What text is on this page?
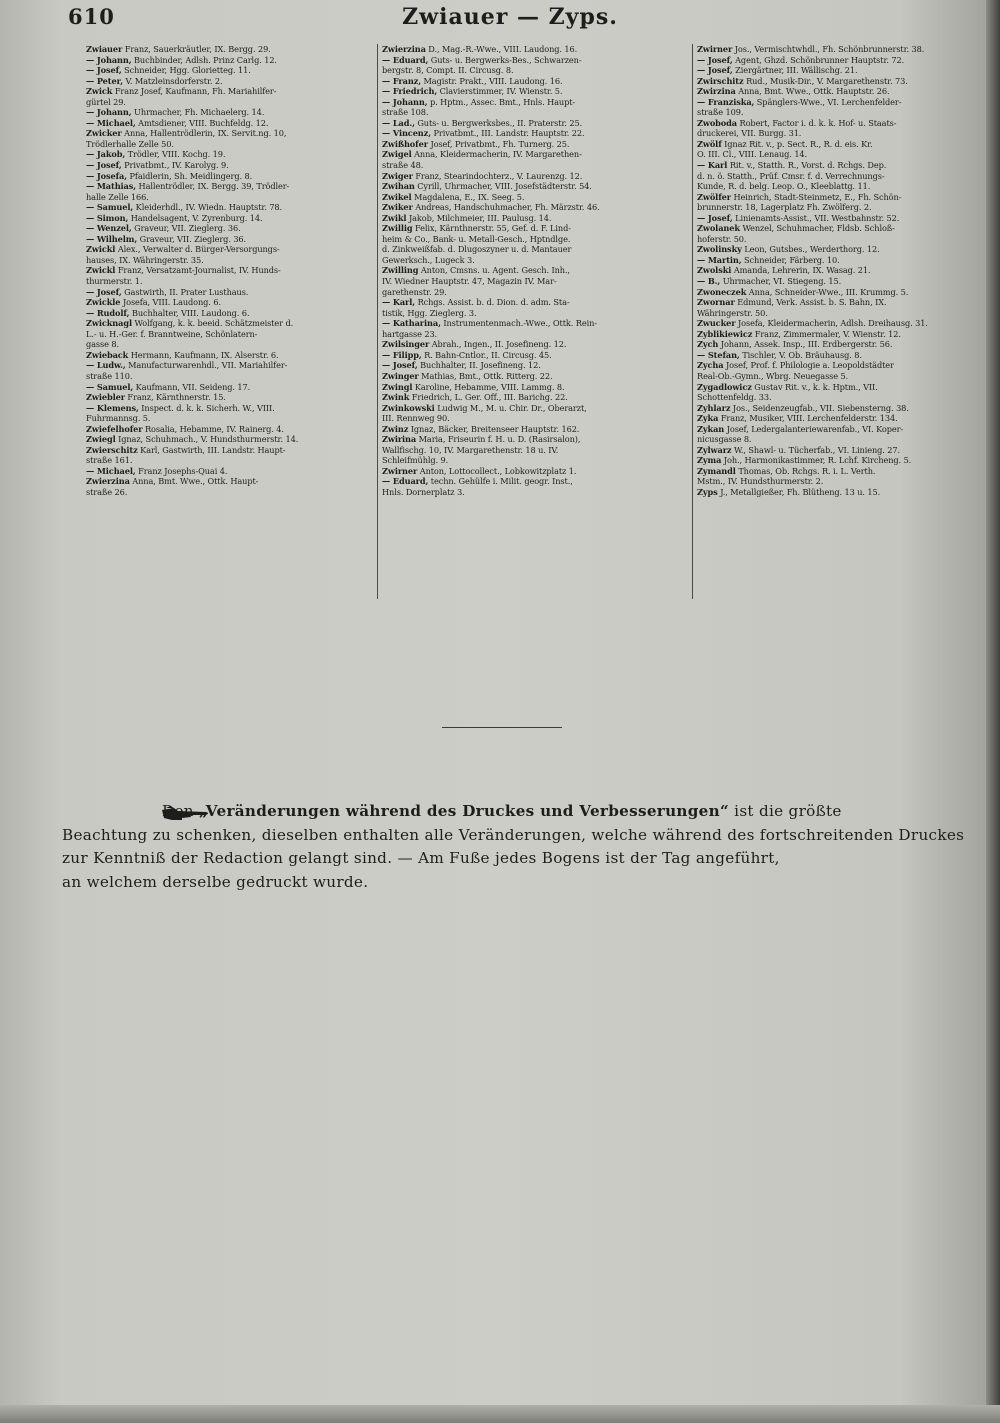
610	Zwiauer — Zyps.
Zwiauer Franz, Sauerkräutler, IX. Bergg. 29.
— Johann, Buchbinder, Adlsh. Prinz Carlg. 12.
— Josef, Schneider, Hgg. Glorietteg. 11.
— Peter, V. Matzleinsdorferstr. 2.
Zwick Franz Josef, Kaufmann, Fh. Mariahilfer-
gürtel 29.
— Johann, Uhrmacher, Fh. Michaelerg. 14.
— Michael, Amtsdiener, VIII. Buchfeldg. 12.
Zwicker Anna, Hallentrödlerin, IX. Servit.ng. 10,
Trödlerhalle Zelle 50.
— Jakob, Trödler, VIII. Kochg. 19.
— Josef, Privatbmt., IV. Karolyg. 9.
— Josefa, Pfaidlerin, Sh. Meidlingerg. 8.
— Mathias, Hallentrödler, IX. Bergg. 39, Trödler-
halle Zelle 166.
— Samuel, Kleiderhdl., IV. Wiedn. Hauptstr. 78.
— Simon, Handelsagent, V. Zyrenburg. 14.
— Wenzel, Graveur, VII. Zieglerg. 36.
— Wilhelm, Graveur, VII. Zieglerg. 36.
Zwickl Alex., Verwalter d. Bürger-Versorgungs-
hauses, IX. Währingerstr. 35.
Zwickl Franz, Versatzamt-Journalist, IV. Hunds-
thurmerstr. 1.
— Josef, Gastwirth, II. Prater Lusthaus.
Zwickle Josefa, VIII. Laudong. 6.
— Rudolf, Buchhalter, VIII. Laudong. 6.
Zwicknagl Wolfgang, k. k. beeid. Schätzmeister d.
L.- u. H.-Ger. f. Branntweine, Schönlatern-
gasse 8.
Zwieback Hermann, Kaufmann, IX. Alserstr. 6.
— Ludw., Manufacturwarenhdl., VII. Mariahilfer-
straße 110.
— Samuel, Kaufmann, VII. Seideng. 17.
Zwiebler Franz, Kärnthnerstr. 15.
— Klemens, Inspect. d. k. k. Sicherh. W., VIII.
Fuhrmannsg. 5.
Zwiefelhofer Rosalia, Hebamme, IV. Rainerg. 4.
Zwiegl Ignaz, Schuhmach., V. Hundsthurmerstr. 14.
Zwierschitz Karl, Gastwirth, III. Landstr. Haupt-
straße 161.
— Michael, Franz Josephs-Quai 4.
Zwierzina Anna, Bmt. Wwe., Ottk. Haupt-
straße 26.
Zwierzina D., Mag.-R.-Wwe., VIII. Laudong. 16.
— Eduard, Guts- u. Bergwerks-Bes., Schwarzen-
bergstr. 8, Compt. II. Circusg. 8.
— Franz, Magistr. Prakt., VIII. Laudong. 16.
— Friedrich, Clavierstimmer, IV. Wienstr. 5.
— Johann, p. Hptm., Assec. Bmt., Hnls. Haupt-
straße 108.
— Lad., Guts- u. Bergwerksbes., II. Praterstr. 25.
— Vincenz, Privatbmt., III. Landstr. Hauptstr. 22.
Zwißhofer Josef, Privatbmt., Fh. Turnerg. 25.
Zwigel Anna, Kleidermacherin, IV. Margarethen-
straße 48.
Zwiger Franz, Stearindochterz., V. Laurenzg. 12.
Zwihan Cyrill, Uhrmacher, VIII. Josefstädterstr. 54.
Zwikel Magdalena, E., IX. Seeg. 5.
Zwiker Andreas, Handschuhmacher, Fh. Märzstr. 46.
Zwikl Jakob, Milchmeier, III. Paulusg. 14.
Zwillig Felix, Kärnthnerstr. 55, Gef. d. F. Lind-
heim & Co., Bank- u. Metall-Gesch., Hptndlge.
d. Zinkweißfab. d. Dlugoszyner u. d. Mantauer
Gewerksch., Lugeck 3.
Zwilling Anton, Cmsns. u. Agent. Gesch. Inh.,
IV. Wiedner Hauptstr. 47, Magazin IV. Mar-
garethenstr. 29.
— Karl, Rchgs. Assist. b. d. Dion. d. adm. Sta-
tistik, Hgg. Zieglerg. 3.
— Katharina, Instrumentenmach.-Wwe., Ottk. Rein-
hartgasse 23.
Zwilsinger Abrah., Ingen., II. Josefineng. 12.
— Filipp, R. Bahn-Cntlor., II. Circusg. 45.
— Josef, Buchhalter, II. Josefineng. 12.
Zwinger Mathias, Bmt., Ottk. Ritterg. 22.
Zwingl Karoline, Hebamme, VIII. Lammg. 8.
Zwink Friedrich, L. Ger. Off., III. Barichg. 22.
Zwinkowski Ludwig M., M. u. Chir. Dr., Oberarzt,
III. Rennweg 90.
Zwinz Ignaz, Bäcker, Breitenseer Hauptstr. 162.
Zwirina Maria, Friseurin f. H. u. D. (Rasirsalon),
Wallfischg. 10, IV. Margarethenstr. 18 u. IV.
Schleifmühlg. 9.
Zwirner Anton, Lottocollect., Lobkowitzplatz 1.
— Eduard, techn. Gehülfe i. Milit. geogr. Inst.,
Hnls. Dornerplatz 3.
Zwirner Jos., Vermischtwhdl., Fh. Schönbrunnerstr. 38.
— Josef, Agent, Ghzd. Schönbrunner Hauptstr. 72.
— Josef, Ziergärtner, III. Wällischg. 21.
Zwirschitz Rud., Musik-Dir., V. Margarethenstr. 73.
Zwirzina Anna, Bmt. Wwe., Ottk. Hauptstr. 26.
— Franziska, Spänglers-Wwe., VI. Lerchenfelder-
straße 109.
Zwoboda Robert, Factor i. d. k. k. Hof- u. Staats-
druckerei, VII. Burgg. 31.
Zwölf Ignaz Rit. v., p. Sect. R., R. d. eis. Kr.
O. III. Cl., VIII. Lenaug. 14.
— Karl Rit. v., Statth. R., Vorst. d. Rchgs. Dep.
d. n. ö. Statth., Prüf. Cmsr. f. d. Verrechnungs-
Kunde, R. d. belg. Leop. O., Kleeblattg. 11.
Zwölfer Heinrich, Stadt-Steinmetz, E., Fh. Schön-
brunnerstr. 18, Lagerplatz Fh. Zwölferg. 2.
— Josef, Linienamts-Assist., VII. Westbahnstr. 52.
Zwolanek Wenzel, Schuhmacher, Fldsb. Schloß-
hoferstr. 50.
Zwolinsky Leon, Gutsbes., Werderthorg. 12.
— Martin, Schneider, Färberg. 10.
Zwolski Amanda, Lehrerin, IX. Wasag. 21.
— B., Uhrmacher, VI. Stiegeng. 15.
Zwoneczek Anna, Schneider-Wwe., III. Krummg. 5.
Zwornar Edmund, Verk. Assist. b. S. Bahn, IX.
Währingerstr. 50.
Zwucker Josefa, Kleidermacherin, Adlsh. Dreihausg. 31.
Zyblikiewicz Franz, Zimmermaler, V. Wienstr. 12.
Zych Johann, Assek. Insp., III. Erdbergerstr. 56.
— Stefan, Tischler, V. Ob. Bräuhausg. 8.
Zycha Josef, Prof. f. Philologie a. Leopoldstädter
Real-Ob.-Gymn., Wbrg. Neuegasse 5.
Zygadlowicz Gustav Rit. v., k. k. Hptm., VII.
Schottenfeldg. 33.
Zyhlarz Jos., Seidenzeugfab., VII. Siebensterng. 38.
Zyka Franz, Musiker, VIII. Lerchenfelderstr. 134.
Zykan Josef, Ledergalanteriewarenfab., VI. Koper-
nicusgasse 8.
Zylwarz W., Shawl- u. Tücherfab., VI. Linieng. 27.
Zyma Joh., Harmonikastimmer, R. Lchf. Kircheng. 5.
Zymandl Thomas, Ob. Rchgs. R. i. L. Verth.
Mstm., IV. Hundsthurmerstr. 2.
Zyps J., Metallgießer, Fh. Blütheng. 13 u. 15.
Den „Veränderungen während des Druckes und Verbesserungen“ ist die größte
Beachtung zu schenken, dieselben enthalten alle Veränderungen, welche während des fortschreitenden Druckes
zur Kenntniß der Redaction gelangt sind. — Am Fuße jedes Bogens ist der Tag angeführt,
an welchem derselbe gedruckt wurde.
